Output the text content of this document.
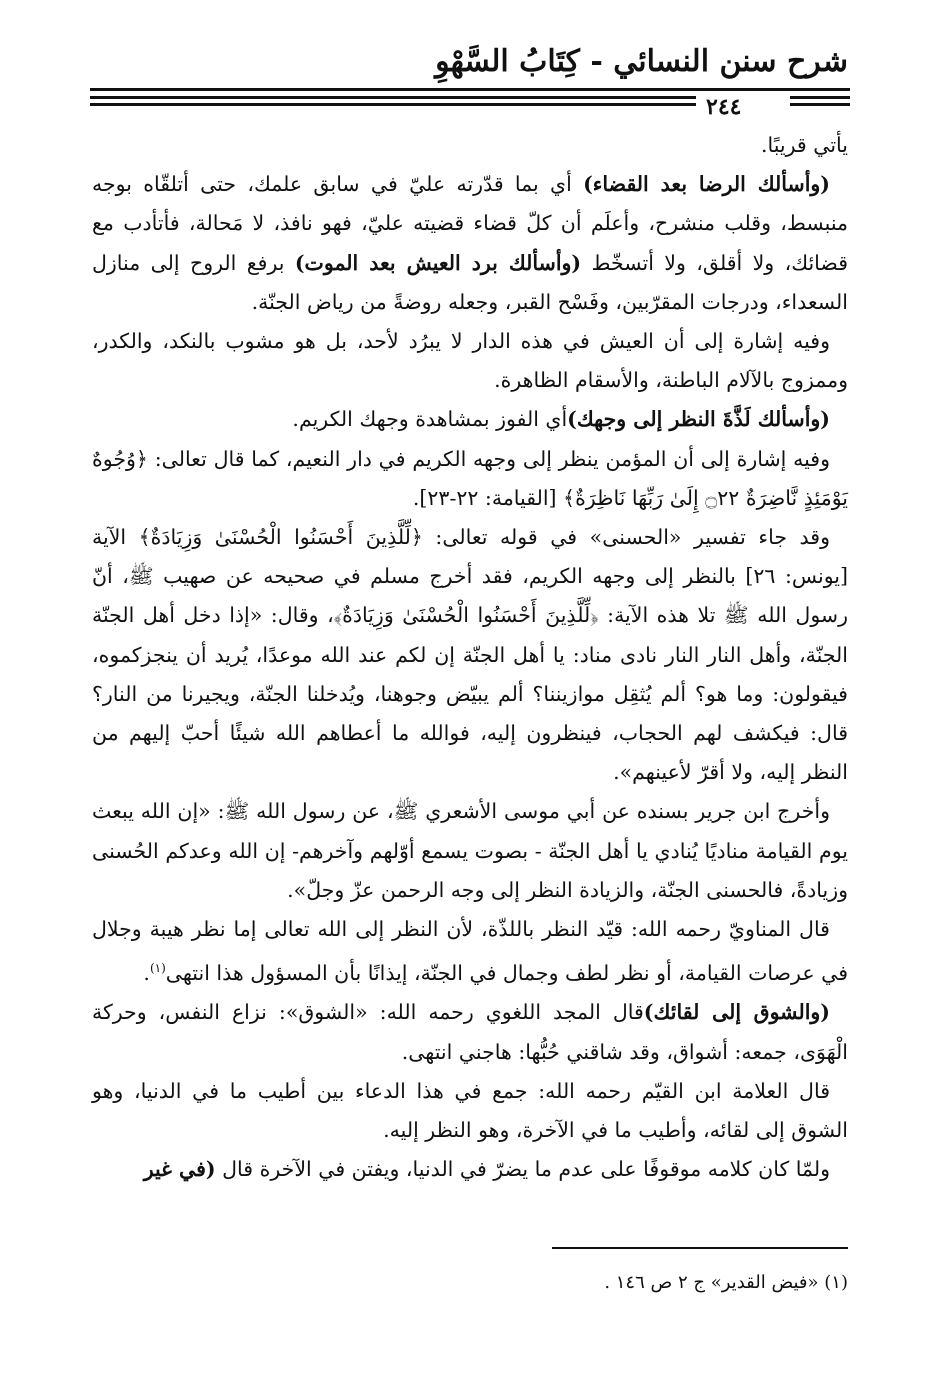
شرح سنن النسائي - كِتَابُ السَّهْوِ
٢٤٤

يأتي قريبًا.

(وأسألك الرضا بعد القضاء) أي بما قدّرته عليّ في سابق علمك، حتى أتلقّاه بوجه منبسط، وقلب منشرح، وأعلَم أن كلّ قضاء قضيته عليّ، فهو نافذ، لا مَحالة، فأتأدب مع قضائك، ولا أقلق، ولا أتسخّط (وأسألك برد العيش بعد الموت) برفع الروح إلى منازل السعداء، ودرجات المقرّبين، وفَسْح القبر، وجعله روضةً من رياض الجنّة.

وفيه إشارة إلى أن العيش في هذه الدار لا يبرُد لأحد، بل هو مشوب بالنكد، والكدر، وممزوج بالآلام الباطنة، والأسقام الظاهرة.

(وأسألك لَذَّةَ النظر إلى وجهك)أي الفوز بمشاهدة وجهك الكريم.

وفيه إشارة إلى أن المؤمن ينظر إلى وجهه الكريم في دار النعيم، كما قال تعالى: ﴿وُجُوهٌ يَوْمَئِذٍ نَّاضِرَةٌ ۝٢٢ إِلَىٰ رَبِّهَا نَاظِرَةٌ﴾ [القيامة: ٢٢-٢٣].

وقد جاء تفسير «الحسنى» في قوله تعالى: ﴿لِّلَّذِينَ أَحْسَنُوا الْحُسْنَىٰ وَزِيَادَةٌ﴾ الآية [يونس: ٢٦] بالنظر إلى وجهه الكريم، فقد أخرج مسلم في صحيحه عن صهيب ﷺ، أنّ رسول الله ﷺ تلا هذه الآية: ﴿لِّلَّذِينَ أَحْسَنُوا الْحُسْنَىٰ وَزِيَادَةٌ﴾، وقال: «إذا دخل أهل الجنّة الجنّة، وأهل النار النار نادى مناد: يا أهل الجنّة إن لكم عند الله موعدًا، يُريد أن ينجزكموه، فيقولون: وما هو؟ ألم يُثقِل موازيننا؟ ألم يبيّض وجوهنا، ويُدخلنا الجنّة، ويجيرنا من النار؟ قال: فيكشف لهم الحجاب، فينظرون إليه، فوالله ما أعطاهم الله شيئًا أحبّ إليهم من النظر إليه، ولا أقرّ لأعينهم».

وأخرج ابن جرير بسنده عن أبي موسى الأشعري ﷺ، عن رسول الله ﷺ: «إن الله يبعث يوم القيامة مناديًا يُنادي يا أهل الجنّة - بصوت يسمع أوّلهم وآخرهم- إن الله وعدكم الحُسنى وزيادةً، فالحسنى الجنّة، والزيادة النظر إلى وجه الرحمن عزّ وجلّ».

قال المناويّ رحمه الله: قيّد النظر باللذّة، لأن النظر إلى الله تعالى إما نظر هيبة وجلال في عرصات القيامة، أو نظر لطف وجمال في الجنّة، إيذانًا بأن المسؤول هذا انتهى$^{(١)}$.

(والشوق إلى لقائك)قال المجد اللغوي رحمه الله: «الشوق»: نزاع النفس، وحركة الْهَوَى، جمعه: أشواق، وقد شاقني حُبُّها: هاجني انتهى.

قال العلامة ابن القيّم رحمه الله: جمع في هذا الدعاء بين أطيب ما في الدنيا، وهو الشوق إلى لقائه، وأطيب ما في الآخرة، وهو النظر إليه.

ولمّا كان كلامه موقوفًا على عدم ما يضرّ في الدنيا، ويفتن في الآخرة قال (في غير

(١) «فيض القدير» ج ٢ ص ١٤٦ .
